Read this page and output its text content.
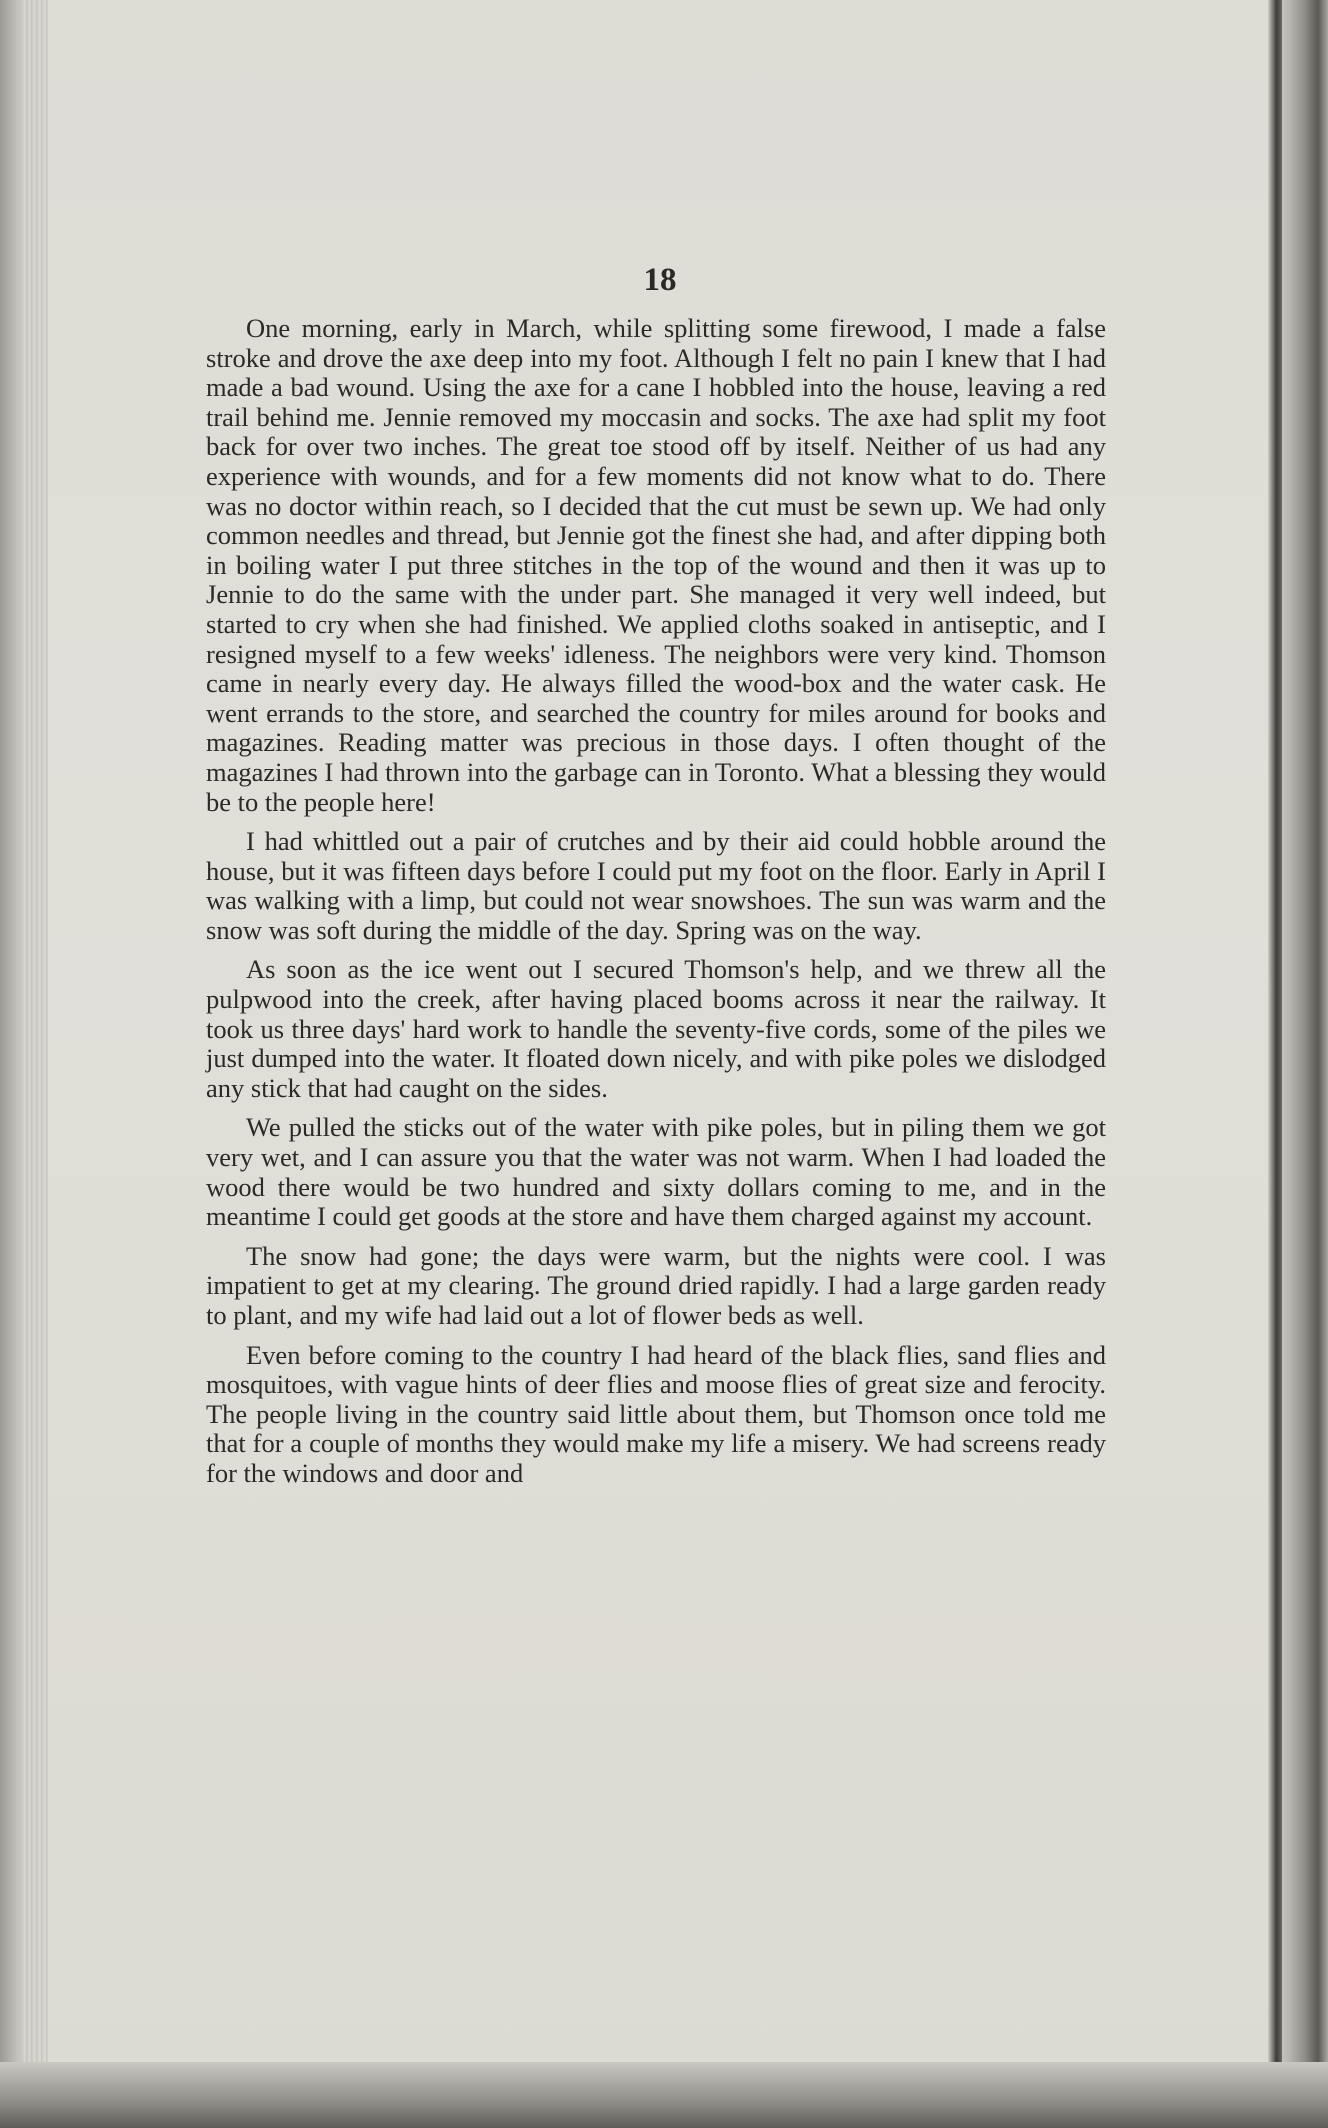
18

One morning, early in March, while splitting some firewood, I made a false stroke and drove the axe deep into my foot. Although I felt no pain I knew that I had made a bad wound. Using the axe for a cane I hobbled into the house, leaving a red trail behind me. Jennie removed my moccasin and socks. The axe had split my foot back for over two inches. The great toe stood off by itself. Neither of us had any experience with wounds, and for a few moments did not know what to do. There was no doctor within reach, so I decided that the cut must be sewn up. We had only common needles and thread, but Jennie got the finest she had, and after dipping both in boiling water I put three stitches in the top of the wound and then it was up to Jennie to do the same with the under part. She managed it very well indeed, but started to cry when she had finished. We applied cloths soaked in antiseptic, and I resigned myself to a few weeks' idleness. The neighbors were very kind. Thomson came in nearly every day. He always filled the wood-box and the water cask. He went errands to the store, and searched the country for miles around for books and magazines. Reading matter was precious in those days. I often thought of the magazines I had thrown into the garbage can in Toronto. What a blessing they would be to the people here!

I had whittled out a pair of crutches and by their aid could hobble around the house, but it was fifteen days before I could put my foot on the floor. Early in April I was walking with a limp, but could not wear snowshoes. The sun was warm and the snow was soft during the middle of the day. Spring was on the way.

As soon as the ice went out I secured Thomson's help, and we threw all the pulpwood into the creek, after having placed booms across it near the railway. It took us three days' hard work to handle the seventy-five cords, some of the piles we just dumped into the water. It floated down nicely, and with pike poles we dislodged any stick that had caught on the sides.

We pulled the sticks out of the water with pike poles, but in piling them we got very wet, and I can assure you that the water was not warm. When I had loaded the wood there would be two hundred and sixty dollars coming to me, and in the meantime I could get goods at the store and have them charged against my account.

The snow had gone; the days were warm, but the nights were cool. I was impatient to get at my clearing. The ground dried rapidly. I had a large garden ready to plant, and my wife had laid out a lot of flower beds as well.

Even before coming to the country I had heard of the black flies, sand flies and mosquitoes, with vague hints of deer flies and moose flies of great size and ferocity. The people living in the country said little about them, but Thomson once told me that for a couple of months they would make my life a misery. We had screens ready for the windows and door and
